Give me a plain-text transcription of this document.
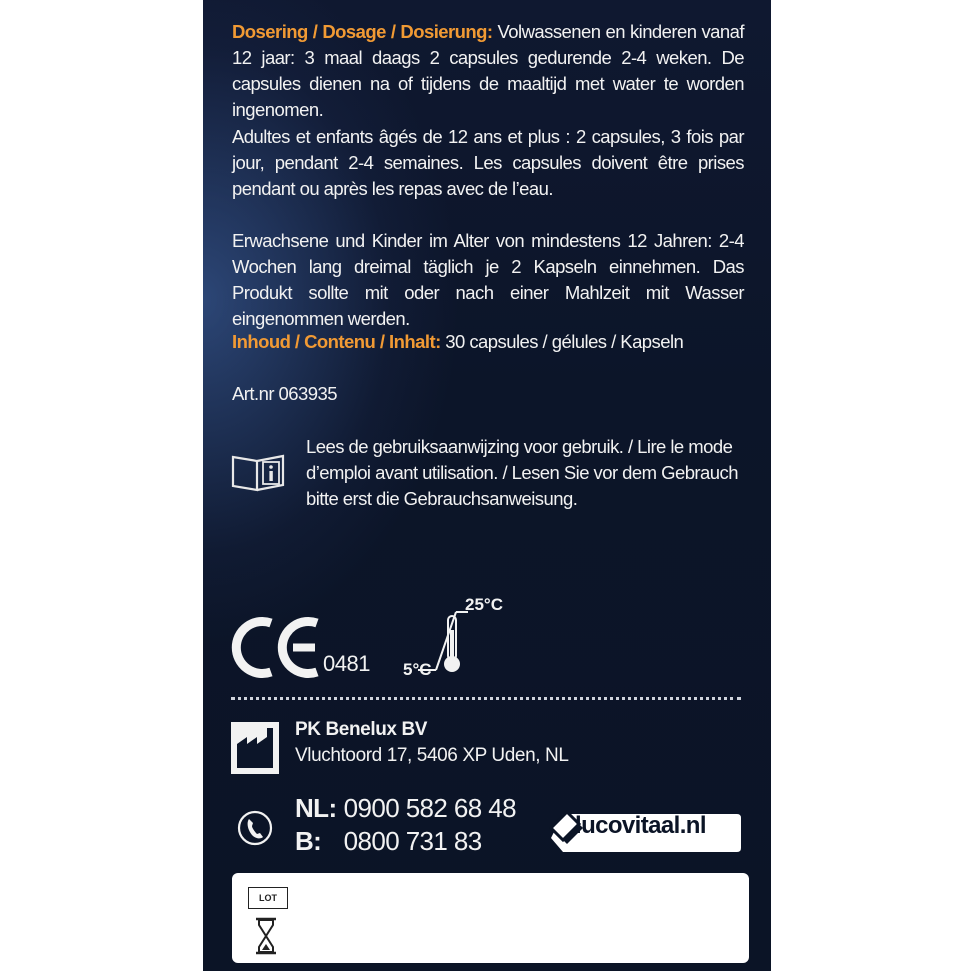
Dosering / Dosage / Dosierung: Volwassenen en kinderen vanaf 12 jaar: 3 maal daags 2 capsules gedurende 2-4 weken. De capsules dienen na of tijdens de maaltijd met water te worden ingenomen.

Adultes et enfants âgés de 12 ans et plus : 2 capsules, 3 fois par jour, pendant 2-4 semaines. Les capsules doivent être prises pendant ou après les repas avec de l’eau.

Erwachsene und Kinder im Alter von mindestens 12 Jahren: 2-4 Wochen lang dreimal täglich je 2 Kapseln einnehmen. Das Produkt sollte mit oder nach einer Mahlzeit mit Wasser eingenommen werden.

Inhoud / Contenu / Inhalt: 30 capsules / gélules / Kapseln

Art.nr 063935

Lees de gebruiksaanwijzing voor gebruik. / Lire le mode d’emploi avant utilisation. / Lesen Sie vor dem Gebrauch bitte erst die Gebrauchsanweisung.
0481
25°C
5°C
PK Benelux BV
Vluchtoord 17, 5406 XP Uden, NL
NL: 0900 582 68 48
B: 0800 731 83
lucovitaal.nl
LOT
